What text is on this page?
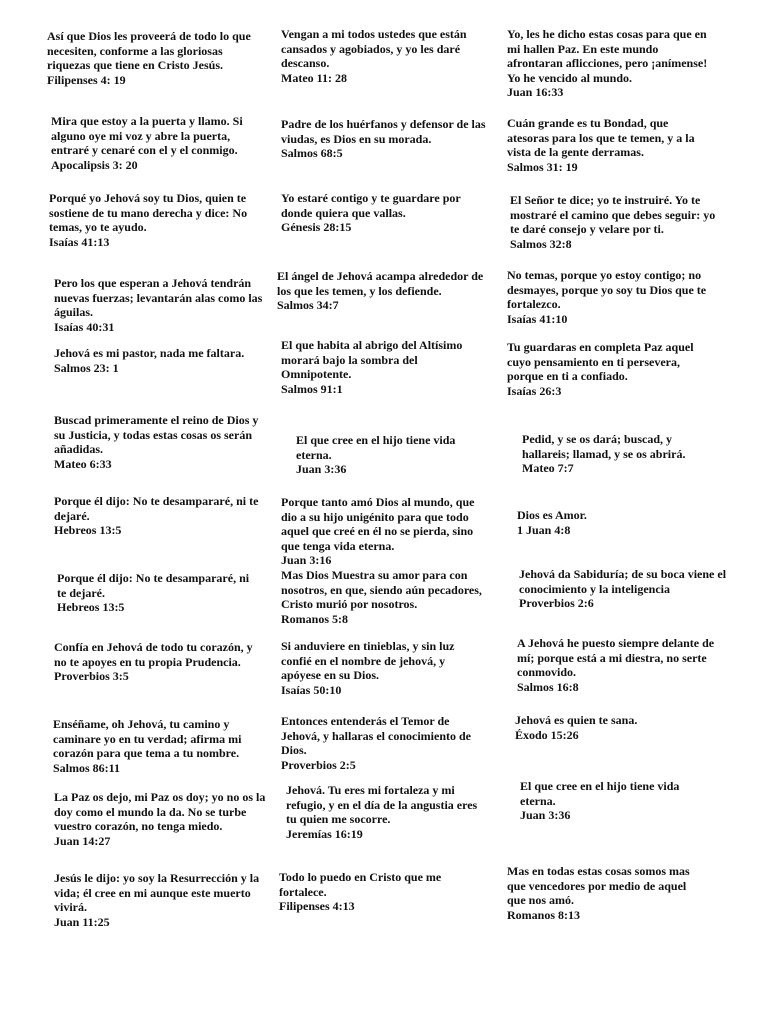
Así que Dios les proveerá de todo lo que necesiten, conforme a las gloriosas riquezas que tiene en Cristo Jesús.
Filipenses 4: 19
Mira que estoy a la puerta y llamo. Si alguno oye mi voz y abre la puerta, entraré y cenaré con el y el conmigo.
Apocalipsis 3: 20
Porqué yo Jehová soy tu Dios, quien te sostiene de tu mano derecha y dice: No temas, yo te ayudo.
Isaías 41:13
Pero los que esperan a Jehová tendrán nuevas fuerzas; levantarán alas como las águilas.
Isaías 40:31
Jehová es mi pastor, nada me faltara.
Salmos 23: 1
Buscad primeramente el reino de Dios y su Justicia, y todas estas cosas os serán añadidas.
Mateo 6:33
Porque él dijo: No te desampararé, ni te dejaré.
Hebreos 13:5
Porque él dijo: No te desampararé, ni te dejaré.
Hebreos 13:5
Confía en Jehová de todo tu corazón, y no te apoyes en tu propia Prudencia.
Proverbios 3:5
Enséñame, oh Jehová, tu camino y caminare yo en tu verdad; afirma mi corazón para que tema a tu nombre.
Salmos 86:11
La Paz os dejo, mi Paz os doy; yo no os la doy como el mundo la da. No se turbe vuestro corazón, no tenga miedo.
Juan 14:27
Jesús le dijo: yo soy la Resurrección y la vida; él cree en mi aunque este muerto vivirá.
Juan 11:25
Vengan a mi todos ustedes que están cansados y agobiados, y yo les daré descanso.
Mateo 11: 28
Padre de los huérfanos y defensor de las viudas, es Dios en su morada.
Salmos 68:5
Yo estaré contigo y te guardare por donde quiera que vallas.
Génesis 28:15
El ángel de Jehová acampa alrededor de los que les temen, y los defiende.
Salmos 34:7
El que habita al abrigo del Altísimo morará bajo la sombra del Omnipotente.
Salmos 91:1
El que cree en el hijo tiene vida eterna.
Juan 3:36
Porque tanto amó Dios al mundo, que dio a su hijo unigénito para que todo aquel que creé en él no se pierda, sino que tenga vida eterna.
Juan 3:16
Mas Dios Muestra su amor para con nosotros, en que, siendo aún pecadores, Cristo murió por nosotros.
Romanos 5:8
Si anduviere en tinieblas, y sin luz confié en el nombre de jehová, y apóyese en su Dios.
Isaías 50:10
Entonces entenderás el Temor de Jehová, y hallaras el conocimiento de Dios.
Proverbios 2:5
Jehová. Tu eres mi fortaleza y mi refugio, y en el día de la angustia eres tu quien me socorre.
Jeremías 16:19
Todo lo puedo en Cristo que me fortalece.
Filipenses 4:13
Yo, les he dicho estas cosas para que en mi hallen Paz. En este mundo afrontaran aflicciones, pero ¡anímense! Yo he vencido al mundo.
Juan 16:33
Cuán grande es tu Bondad, que atesoras para los que te temen, y a la vista de la gente derramas.
Salmos 31: 19
El Señor te dice; yo te instruiré. Yo te mostraré el camino que debes seguir: yo te daré consejo y velare por ti.
Salmos 32:8
No temas, porque yo estoy contigo; no desmayes, porque yo soy tu Dios que te fortalezco.
Isaías 41:10
Tu guardaras en completa Paz aquel cuyo pensamiento en ti persevera, porque en ti a confiado.
Isaías 26:3
Pedid, y se os dará; buscad, y hallareis; llamad, y se os abrirá.
Mateo 7:7
Dios es Amor.
1 Juan 4:8
Jehová da Sabiduría; de su boca viene el conocimiento y la inteligencia
Proverbios 2:6
A Jehová he puesto siempre delante de mí; porque está a mi diestra, no serte conmovido.
Salmos 16:8
Jehová es quien te sana.
Éxodo 15:26
El que cree en el hijo tiene vida eterna.
Juan 3:36
Mas en todas estas cosas somos mas que vencedores por medio de aquel que nos amó.
Romanos 8:13
